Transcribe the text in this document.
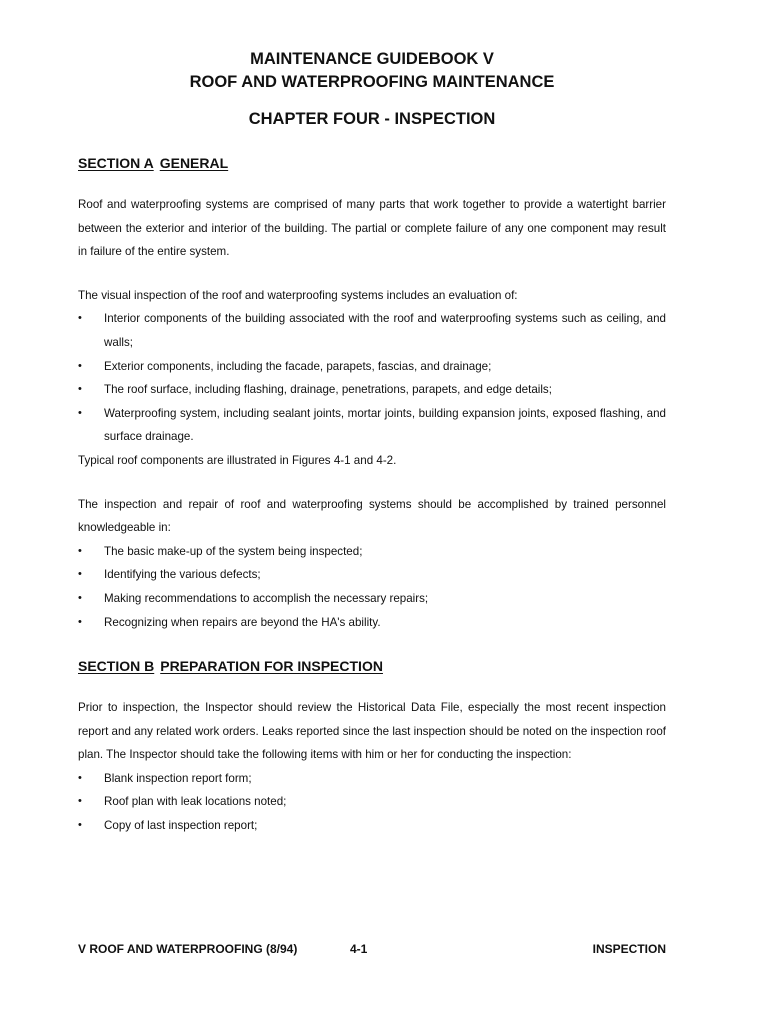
MAINTENANCE GUIDEBOOK V
ROOF AND WATERPROOFING MAINTENANCE
CHAPTER FOUR - INSPECTION
SECTION A GENERAL

Roof and waterproofing systems are comprised of many parts that work together to provide a watertight barrier between the exterior and interior of the building. The partial or complete failure of any one component may result in failure of the entire system.

The visual inspection of the roof and waterproofing systems includes an evaluation of:

• Interior components of the building associated with the roof and waterproofing systems such as ceiling, and walls;
• Exterior components, including the facade, parapets, fascias, and drainage;
• The roof surface, including flashing, drainage, penetrations, parapets, and edge details;
• Waterproofing system, including sealant joints, mortar joints, building expansion joints, exposed flashing, and surface drainage.

Typical roof components are illustrated in Figures 4-1 and 4-2.

The inspection and repair of roof and waterproofing systems should be accomplished by trained personnel knowledgeable in:

• The basic make-up of the system being inspected;
• Identifying the various defects;
• Making recommendations to accomplish the necessary repairs;
• Recognizing when repairs are beyond the HA's ability.
SECTION B PREPARATION FOR INSPECTION

Prior to inspection, the Inspector should review the Historical Data File, especially the most recent inspection report and any related work orders. Leaks reported since the last inspection should be noted on the inspection roof plan. The Inspector should take the following items with him or her for conducting the inspection:

• Blank inspection report form;
• Roof plan with leak locations noted;
• Copy of last inspection report;
V ROOF AND WATERPROOFING (8/94)	4-1	INSPECTION
